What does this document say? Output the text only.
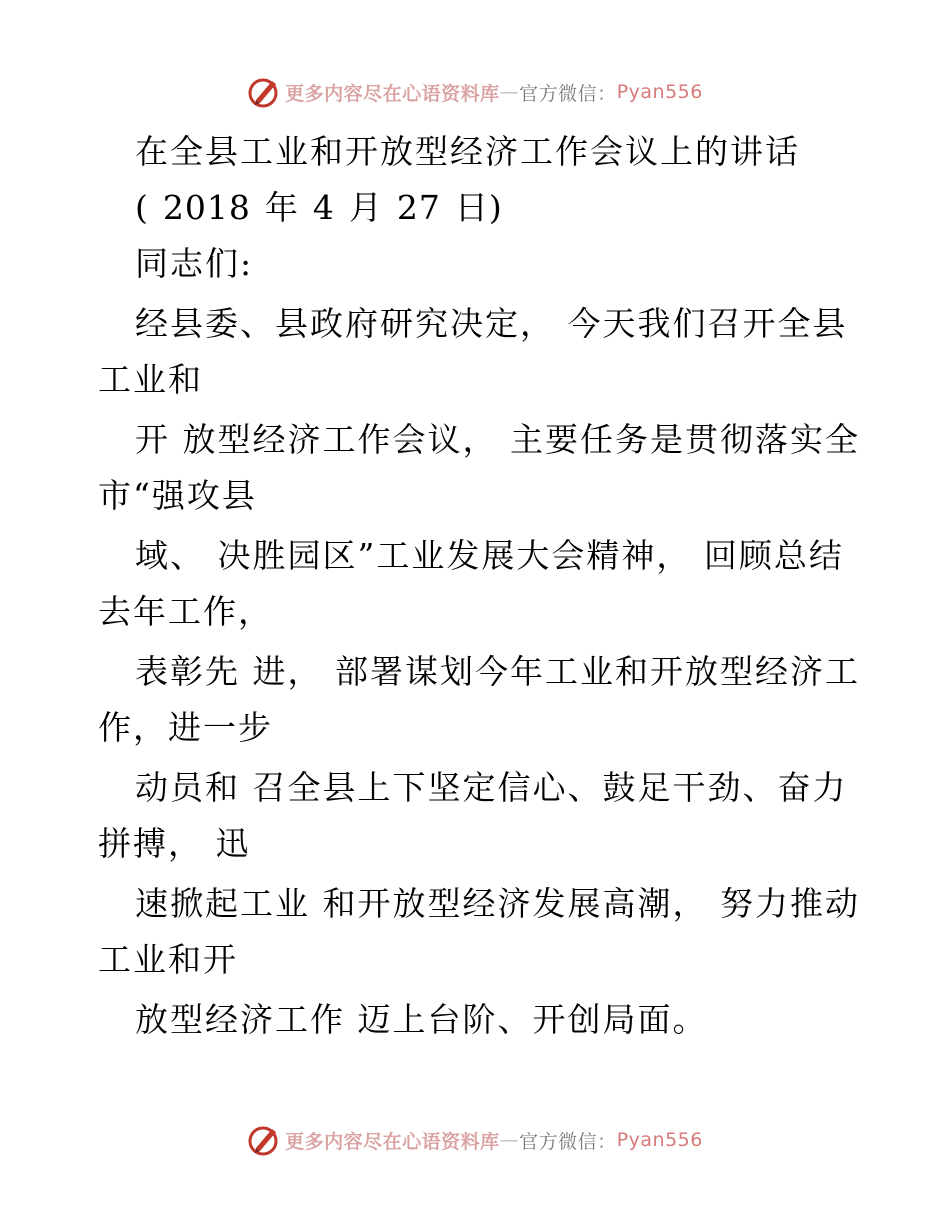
更多内容尽在心语资料库 — 官方微信： Pyan556
在全县工业和开放型经济工作会议上的讲话
( 2018 年 4 月 27 日)
同志们:
经县委、县政府研究决定， 今天我们召开全县
工业和
开 放型经济工作会议， 主要任务是贯彻落实全
市“强攻县
域、 决胜园区”工业发展大会精神， 回顾总结
去年工作，
表彰先 进， 部署谋划今年工业和开放型经济工
作，进一步
动员和 召全县上下坚定信心、鼓足干劲、奋力
拼搏， 迅
速掀起工业 和开放型经济发展高潮， 努力推动
工业和开
放型经济工作 迈上台阶、开创局面。
更多内容尽在心语资料库 — 官方微信： Pyan556
